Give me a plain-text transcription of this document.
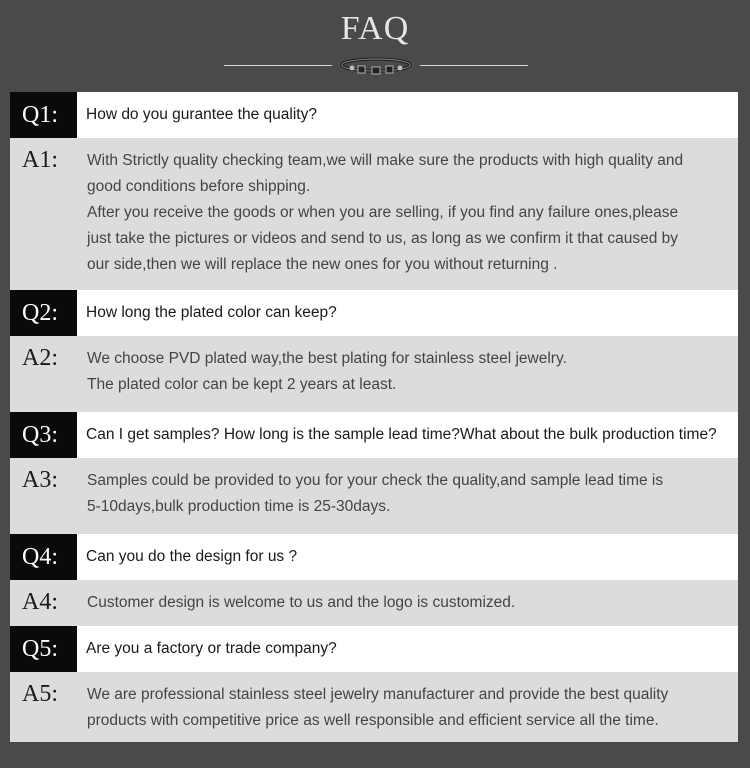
FAQ
Q1:	How do you gurantee the quality?
A1:	With Strictly quality checking team,we will make sure the products with high quality and
good conditions before shipping.
After you receive the goods or when you are selling, if you find any failure ones,please
just take the pictures or videos and send to us, as long as we confirm it that caused by
our side,then we will replace the new ones for you without returning .
Q2:	How long the plated color can keep?
A2:	We choose PVD plated way,the best plating for stainless steel jewelry.
The plated color can be kept 2 years at least.
Q3:	Can I get samples? How long is the sample lead time?What about the bulk production time?
A3:	Samples could be provided to you for your check the quality,and sample lead time is
5-10days,bulk production time is 25-30days.
Q4:	Can you do the design for us ?
A4:	Customer design is welcome to us and the logo is customized.
Q5:	Are you a factory or trade company?
A5:	We are professional stainless steel jewelry manufacturer and provide the best quality
products with competitive price as well responsible and efficient service all the time.
